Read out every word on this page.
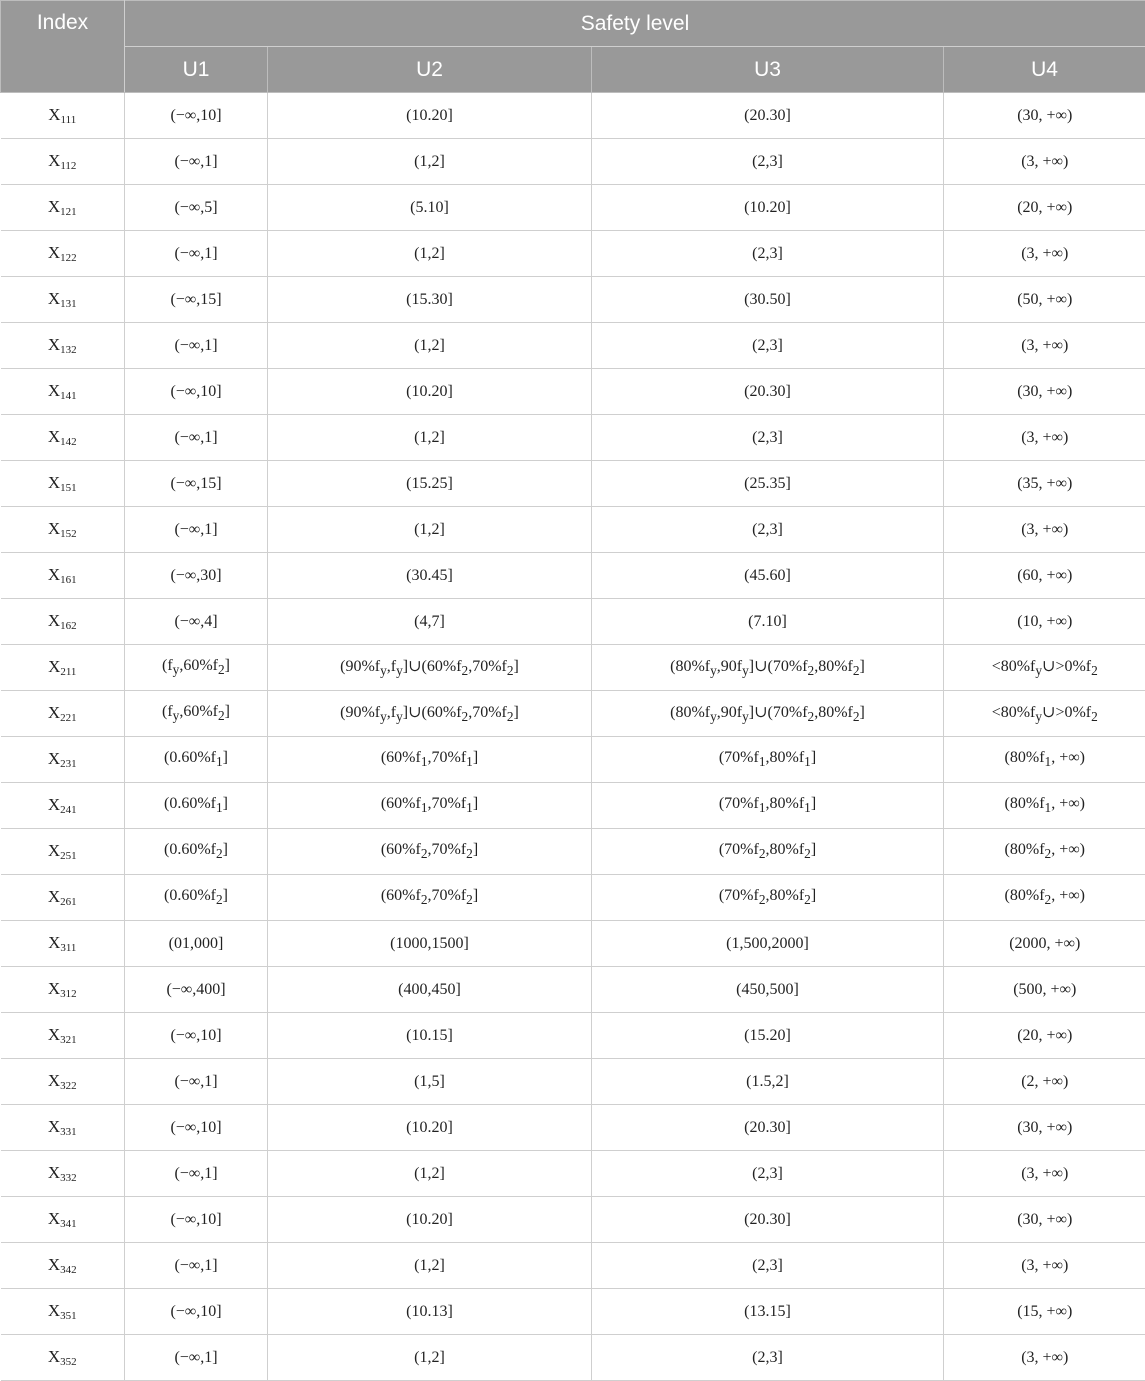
Index	Safety level			
	U1	U2	U3	U4
$X_{111}$	(−∞,10]	(10.20]	(20.30]	(30, +∞)
$X_{112}$	(−∞,1]	(1,2]	(2,3]	(3, +∞)
$X_{121}$	(−∞,5]	(5.10]	(10.20]	(20, +∞)
$X_{122}$	(−∞,1]	(1,2]	(2,3]	(3, +∞)
$X_{131}$	(−∞,15]	(15.30]	(30.50]	(50, +∞)
$X_{132}$	(−∞,1]	(1,2]	(2,3]	(3, +∞)
$X_{141}$	(−∞,10]	(10.20]	(20.30]	(30, +∞)
$X_{142}$	(−∞,1]	(1,2]	(2,3]	(3, +∞)
$X_{151}$	(−∞,15]	(15.25]	(25.35]	(35, +∞)
$X_{152}$	(−∞,1]	(1,2]	(2,3]	(3, +∞)
$X_{161}$	(−∞,30]	(30.45]	(45.60]	(60, +∞)
$X_{162}$	(−∞,4]	(4,7]	(7.10]	(10, +∞)
$X_{211}$	$(f_y,60\%f_2]$	$(90\%f_y,f_y]\cup(60\%f_2,70\%f_2]$	$(80\%f_y,90f_y]\cup(70\%f_2,80\%f_2]$	$<80\%f_y\cup>0\%f_2$
$X_{221}$	$(f_y,60\%f_2]$	$(90\%f_y,f_y]\cup(60\%f_2,70\%f_2]$	$(80\%f_y,90f_y]\cup(70\%f_2,80\%f_2]$	$<80\%f_y\cup>0\%f_2$
$X_{231}$	$(0.60\%f_1]$	$(60\%f_1,70\%f_1]$	$(70\%f_1,80\%f_1]$	($80\%f_1$, +∞)
$X_{241}$	$(0.60\%f_1]$	$(60\%f_1,70\%f_1]$	$(70\%f_1,80\%f_1]$	($80\%f_1$, +∞)
$X_{251}$	$(0.60\%f_2]$	$(60\%f_2,70\%f_2]$	$(70\%f_2,80\%f_2]$	($80\%f_2$, +∞)
$X_{261}$	$(0.60\%f_2]$	$(60\%f_2,70\%f_2]$	$(70\%f_2,80\%f_2]$	($80\%f_2$, +∞)
$X_{311}$	(01,000]	(1000,1500]	(1,500,2000]	(2000, +∞)
$X_{312}$	(−∞,400]	(400,450]	(450,500]	(500, +∞)
$X_{321}$	(−∞,10]	(10.15]	(15.20]	(20, +∞)
$X_{322}$	(−∞,1]	(1,5]	(1.5,2]	(2, +∞)
$X_{331}$	(−∞,10]	(10.20]	(20.30]	(30, +∞)
$X_{332}$	(−∞,1]	(1,2]	(2,3]	(3, +∞)
$X_{341}$	(−∞,10]	(10.20]	(20.30]	(30, +∞)
$X_{342}$	(−∞,1]	(1,2]	(2,3]	(3, +∞)
$X_{351}$	(−∞,10]	(10.13]	(13.15]	(15, +∞)
$X_{352}$	(−∞,1]	(1,2]	(2,3]	(3, +∞)
